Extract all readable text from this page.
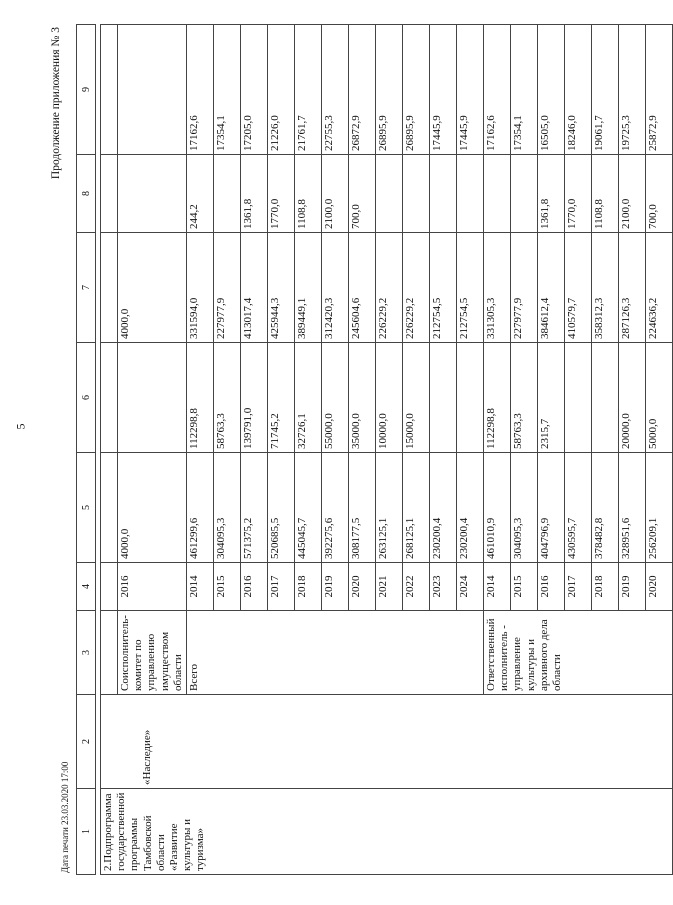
5
Дата печати 23.03.2020 17:00
Продолжение приложения № 3
1	2	3	4	5	6	7	8	9
2.Подпрограмма государственной программы Тамбовской области «Развитие культуры и туризма»	«Наследие»							
		Соисполнитель-комитет по управлению имуществом области	2016	4000,0		4000,0		
		Всего	2014	461299,6	112298,8	331594,0	244,2	17162,6
			2015	304095,3	58763,3	227977,9		17354,1
			2016	571375,2	139791,0	413017,4	1361,8	17205,0
			2017	520685,5	71745,2	425944,3	1770,0	21226,0
			2018	445045,7	32726,1	389449,1	1108,8	21761,7
			2019	392275,6	55000,0	312420,3	2100,0	22755,3
			2020	308177,5	35000,0	245604,6	700,0	26872,9
			2021	263125,1	10000,0	226229,2		26895,9
			2022	268125,1	15000,0	226229,2		26895,9
			2023	230200,4		212754,5		17445,9
			2024	230200,4		212754,5		17445,9
		Ответственный исполнитель - управление культуры и архивного дела области	2014	461010,9	112298,8	331305,3		17162,6
			2015	304095,3	58763,3	227977,9		17354,1
			2016	404796,9	2315,7	384612,4	1361,8	16505,0
			2017	430595,7		410579,7	1770,0	18246,0
			2018	378482,8		358312,3	1108,8	19061,7
			2019	328951,6	20000,0	287126,3	2100,0	19725,3
			2020	256209,1	5000,0	224636,2	700,0	25872,9
